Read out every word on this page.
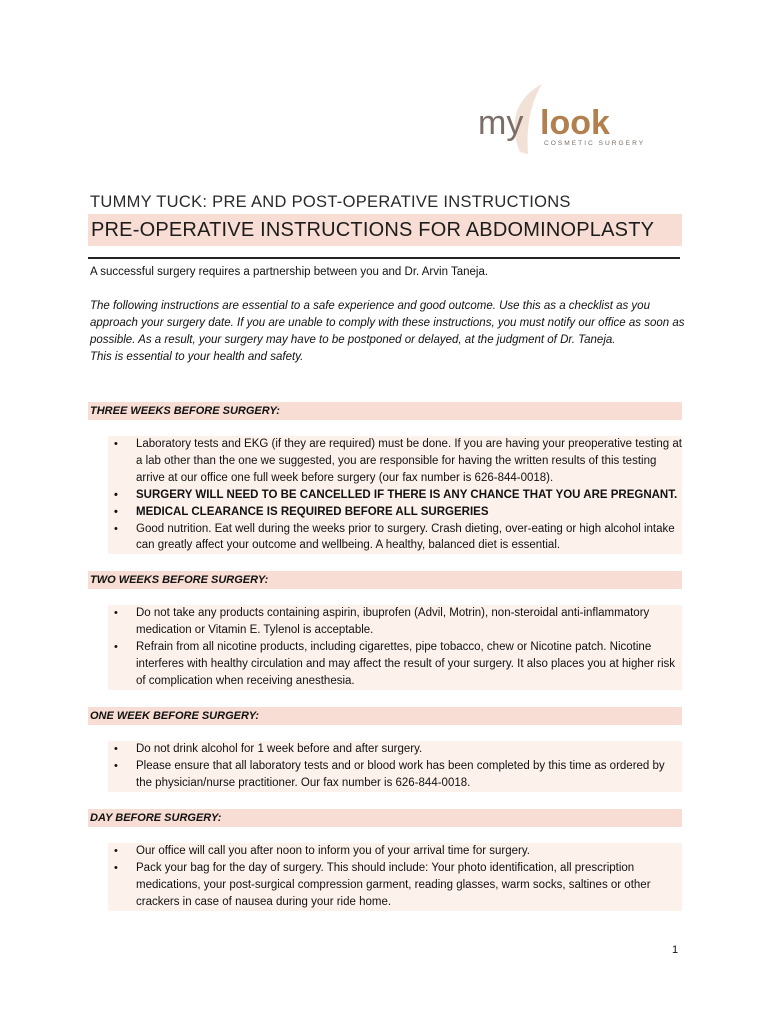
my look
COSMETIC SURGERY
TUMMY TUCK: PRE AND POST-OPERATIVE INSTRUCTIONS
PRE-OPERATIVE INSTRUCTIONS FOR ABDOMINOPLASTY
A successful surgery requires a partnership between you and Dr. Arvin Taneja.

The following instructions are essential to a safe experience and good outcome. Use this as a checklist as you approach your surgery date. If you are unable to comply with these instructions, you must notify our office as soon as possible. As a result, your surgery may have to be postponed or delayed, at the judgment of Dr. Taneja.

This is essential to your health and safety.

THREE WEEKS BEFORE SURGERY:
• Laboratory tests and EKG (if they are required) must be done. If you are having your preoperative testing at a lab other than the one we suggested, you are responsible for having the written results of this testing arrive at our office one full week before surgery (our fax number is 626-844-0018).
• SURGERY WILL NEED TO BE CANCELLED IF THERE IS ANY CHANCE THAT YOU ARE PREGNANT.
• MEDICAL CLEARANCE IS REQUIRED BEFORE ALL SURGERIES
• Good nutrition. Eat well during the weeks prior to surgery. Crash dieting, over-eating or high alcohol intake can greatly affect your outcome and wellbeing. A healthy, balanced diet is essential.
TWO WEEKS BEFORE SURGERY:
• Do not take any products containing aspirin, ibuprofen (Advil, Motrin), non-steroidal anti-inflammatory medication or Vitamin E. Tylenol is acceptable.
• Refrain from all nicotine products, including cigarettes, pipe tobacco, chew or Nicotine patch. Nicotine interferes with healthy circulation and may affect the result of your surgery. It also places you at higher risk of complication when receiving anesthesia.
ONE WEEK BEFORE SURGERY:
• Do not drink alcohol for 1 week before and after surgery.
• Please ensure that all laboratory tests and or blood work has been completed by this time as ordered by the physician/nurse practitioner. Our fax number is 626-844-0018.
DAY BEFORE SURGERY:
• Our office will call you after noon to inform you of your arrival time for surgery.
• Pack your bag for the day of surgery. This should include: Your photo identification, all prescription medications, your post-surgical compression garment, reading glasses, warm socks, saltines or other crackers in case of nausea during your ride home.
1
